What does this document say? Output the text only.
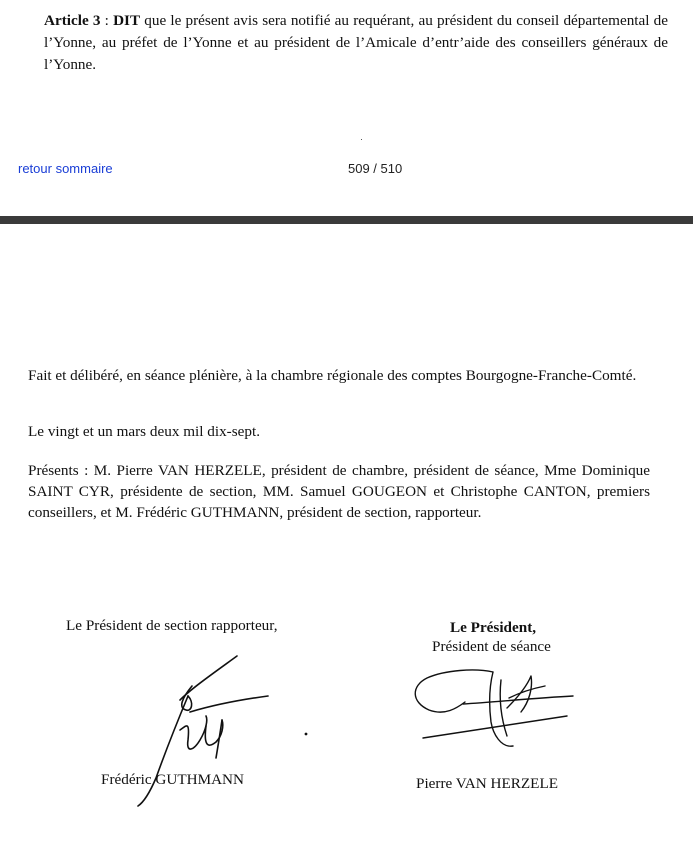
Article 3 : DIT que le présent avis sera notifié au requérant, au président du conseil départemental de l’Yonne, au préfet de l’Yonne et au président de l’Amicale d’entr’aide des conseillers généraux de l’Yonne.
retour sommaire	509 / 510
Fait et délibéré, en séance plénière, à la chambre régionale des comptes Bourgogne-Franche-Comté.
Le vingt et un mars deux mil dix-sept.
Présents : M. Pierre VAN HERZELE, président de chambre, président de séance, Mme Dominique SAINT CYR, présidente de section, MM. Samuel GOUGEON et Christophe CANTON, premiers conseillers, et M. Frédéric GUTHMANN, président de section, rapporteur.
Le Président de section rapporteur,	Le Président,
Président de séance
Frédéric GUTHMANN	Pierre VAN HERZELE
